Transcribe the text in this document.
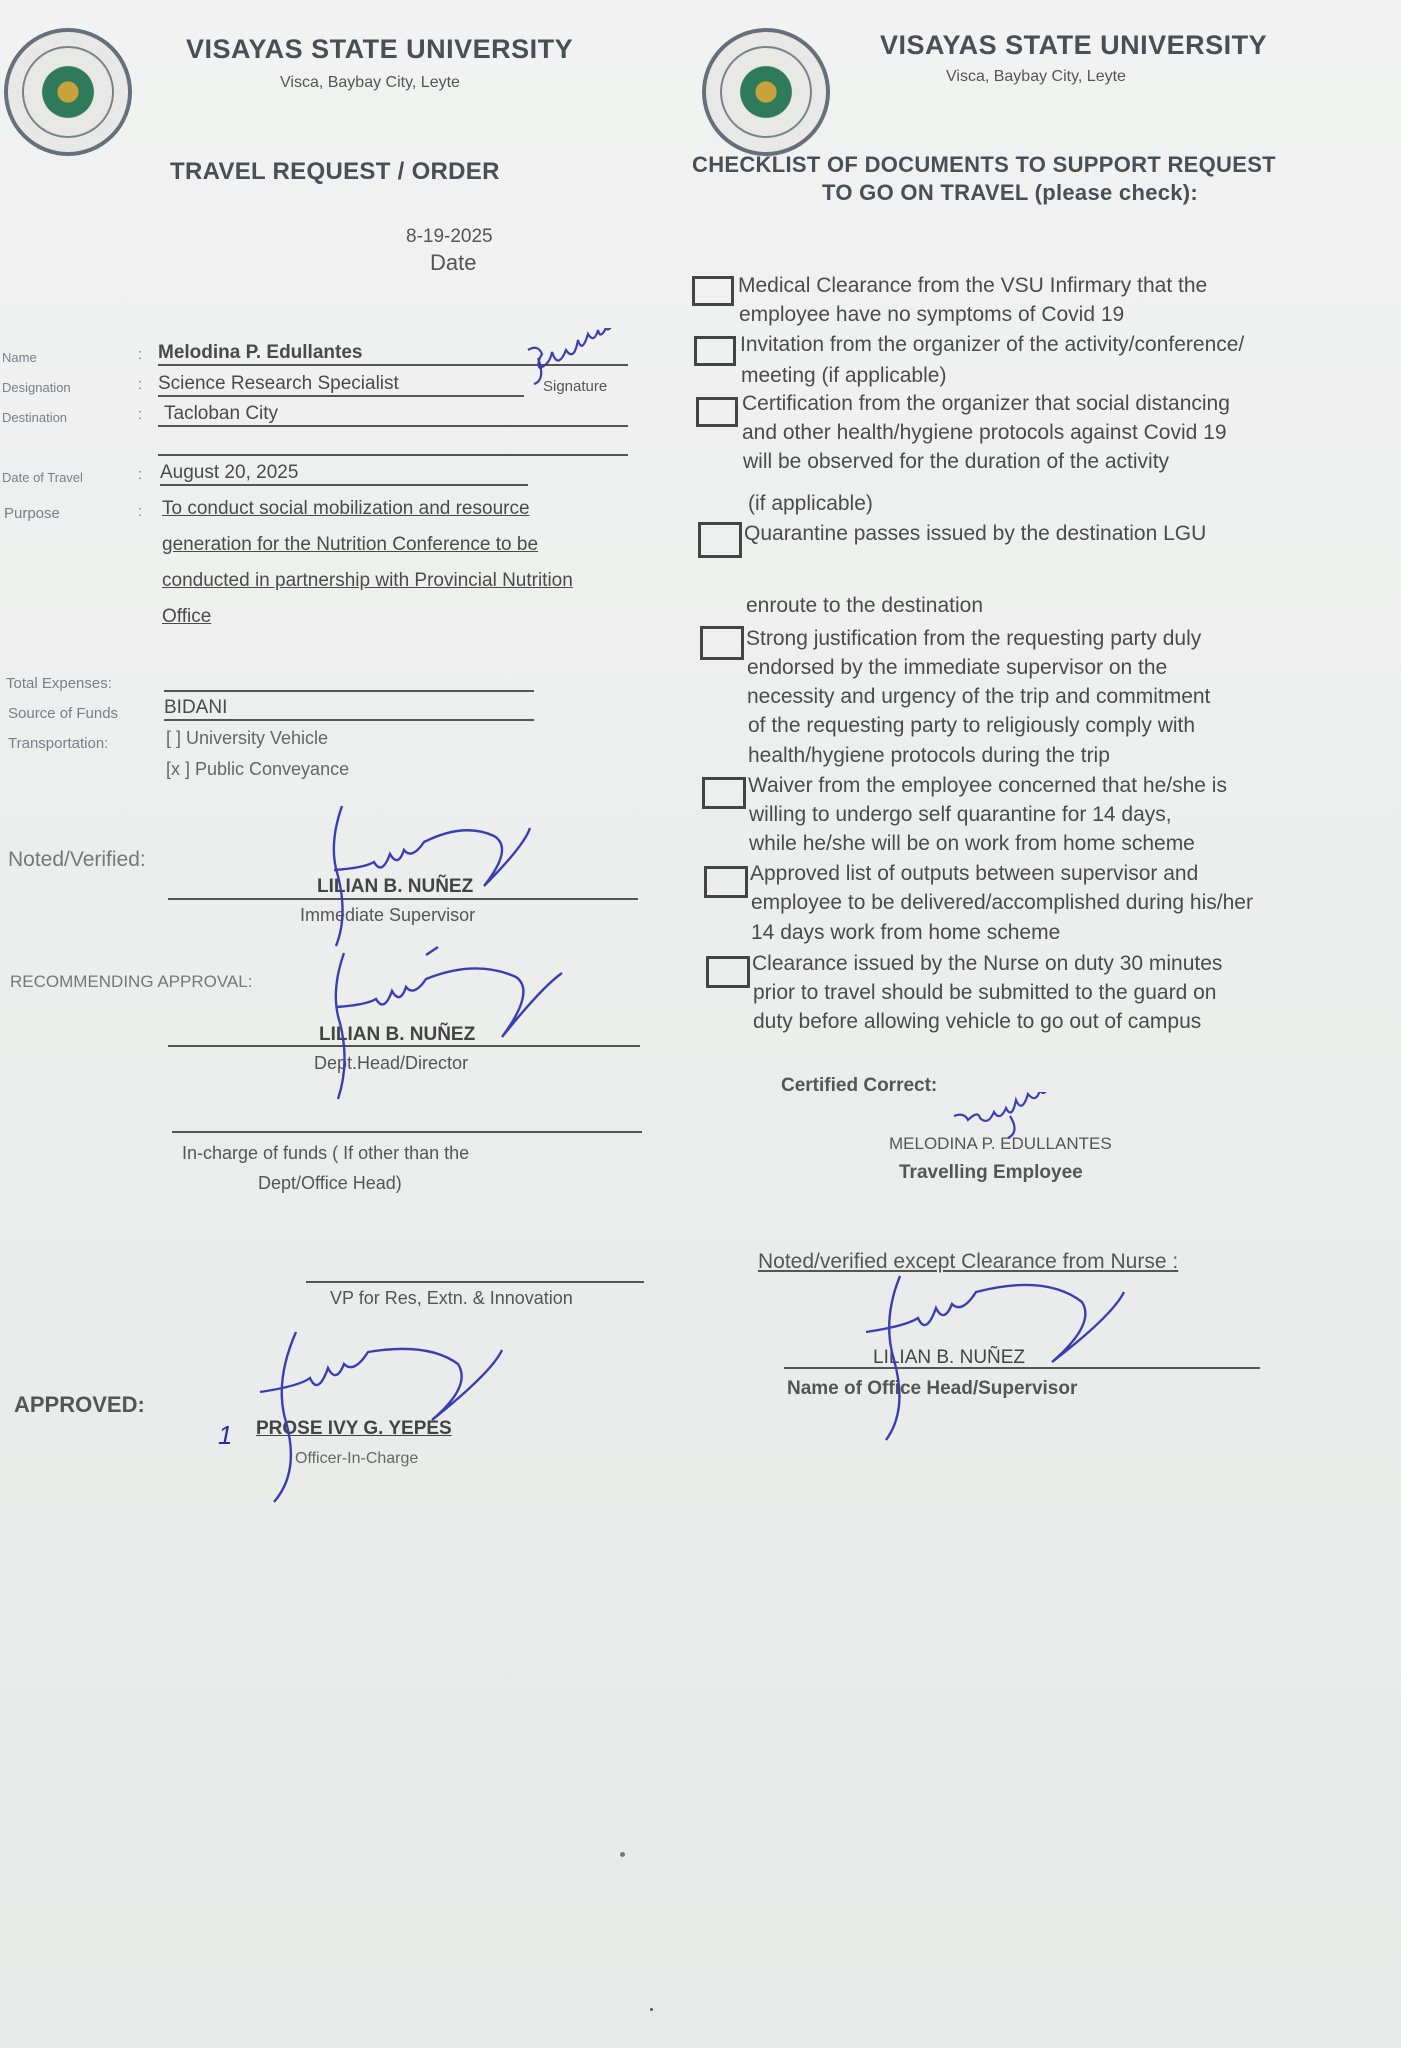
VISAYAS STATE UNIVERSITY
Visca, Baybay City, Leyte
TRAVEL REQUEST / ORDER
8-19-2025
Date
Name	: Melodina P. Edullantes
Designation	: Science Research Specialist	Signature
Destination	:	Tacloban City
Date of Travel	: August 20, 2025
Purpose	: To conduct social mobilization and resource
generation for the Nutrition Conference to be
conducted in partnership with Provincial Nutrition
Office
Total Expenses:
Source of Funds BIDANI
Transportation:	[ ] University Vehicle
[x ] Public Conveyance
Noted/Verified:
LILIAN B. NUÑEZ
Immediate Supervisor
RECOMMENDING APPROVAL:
LILIAN B. NUÑEZ
Dept.Head/Director
In-charge of funds ( If other than the
Dept/Office Head)
VP for Res, Extn. & Innovation
APPROVED:
1 PROSE IVY G. YEPES
Officer-In-Charge
VISAYAS STATE UNIVERSITY
Visca, Baybay City, Leyte
CHECKLIST OF DOCUMENTS TO SUPPORT REQUEST
TO GO ON TRAVEL (please check):
Medical Clearance from the VSU Infirmary that the
employee have no symptoms of Covid 19
Invitation from the organizer of the activity/conference/
meeting (if applicable)
Certification from the organizer that social distancing
and other health/hygiene protocols against Covid 19
will be observed for the duration of the activity
(if applicable)
Quarantine passes issued by the destination LGU
enroute to the destination
Strong justification from the requesting party duly
endorsed by the immediate supervisor on the
necessity and urgency of the trip and commitment
of the requesting party to religiously comply with
health/hygiene protocols during the trip
Waiver from the employee concerned that he/she is
willing to undergo self quarantine for 14 days,
while he/she will be on work from home scheme
Approved list of outputs between supervisor and
employee to be delivered/accomplished during his/her
14 days work from home scheme
Clearance issued by the Nurse on duty 30 minutes
prior to travel should be submitted to the guard on
duty before allowing vehicle to go out of campus
Certified Correct:
MELODINA P. EDULLANTES
Travelling Employee
Noted/verified except Clearance from Nurse :
LILIAN B. NUÑEZ
Name of Office Head/Supervisor
